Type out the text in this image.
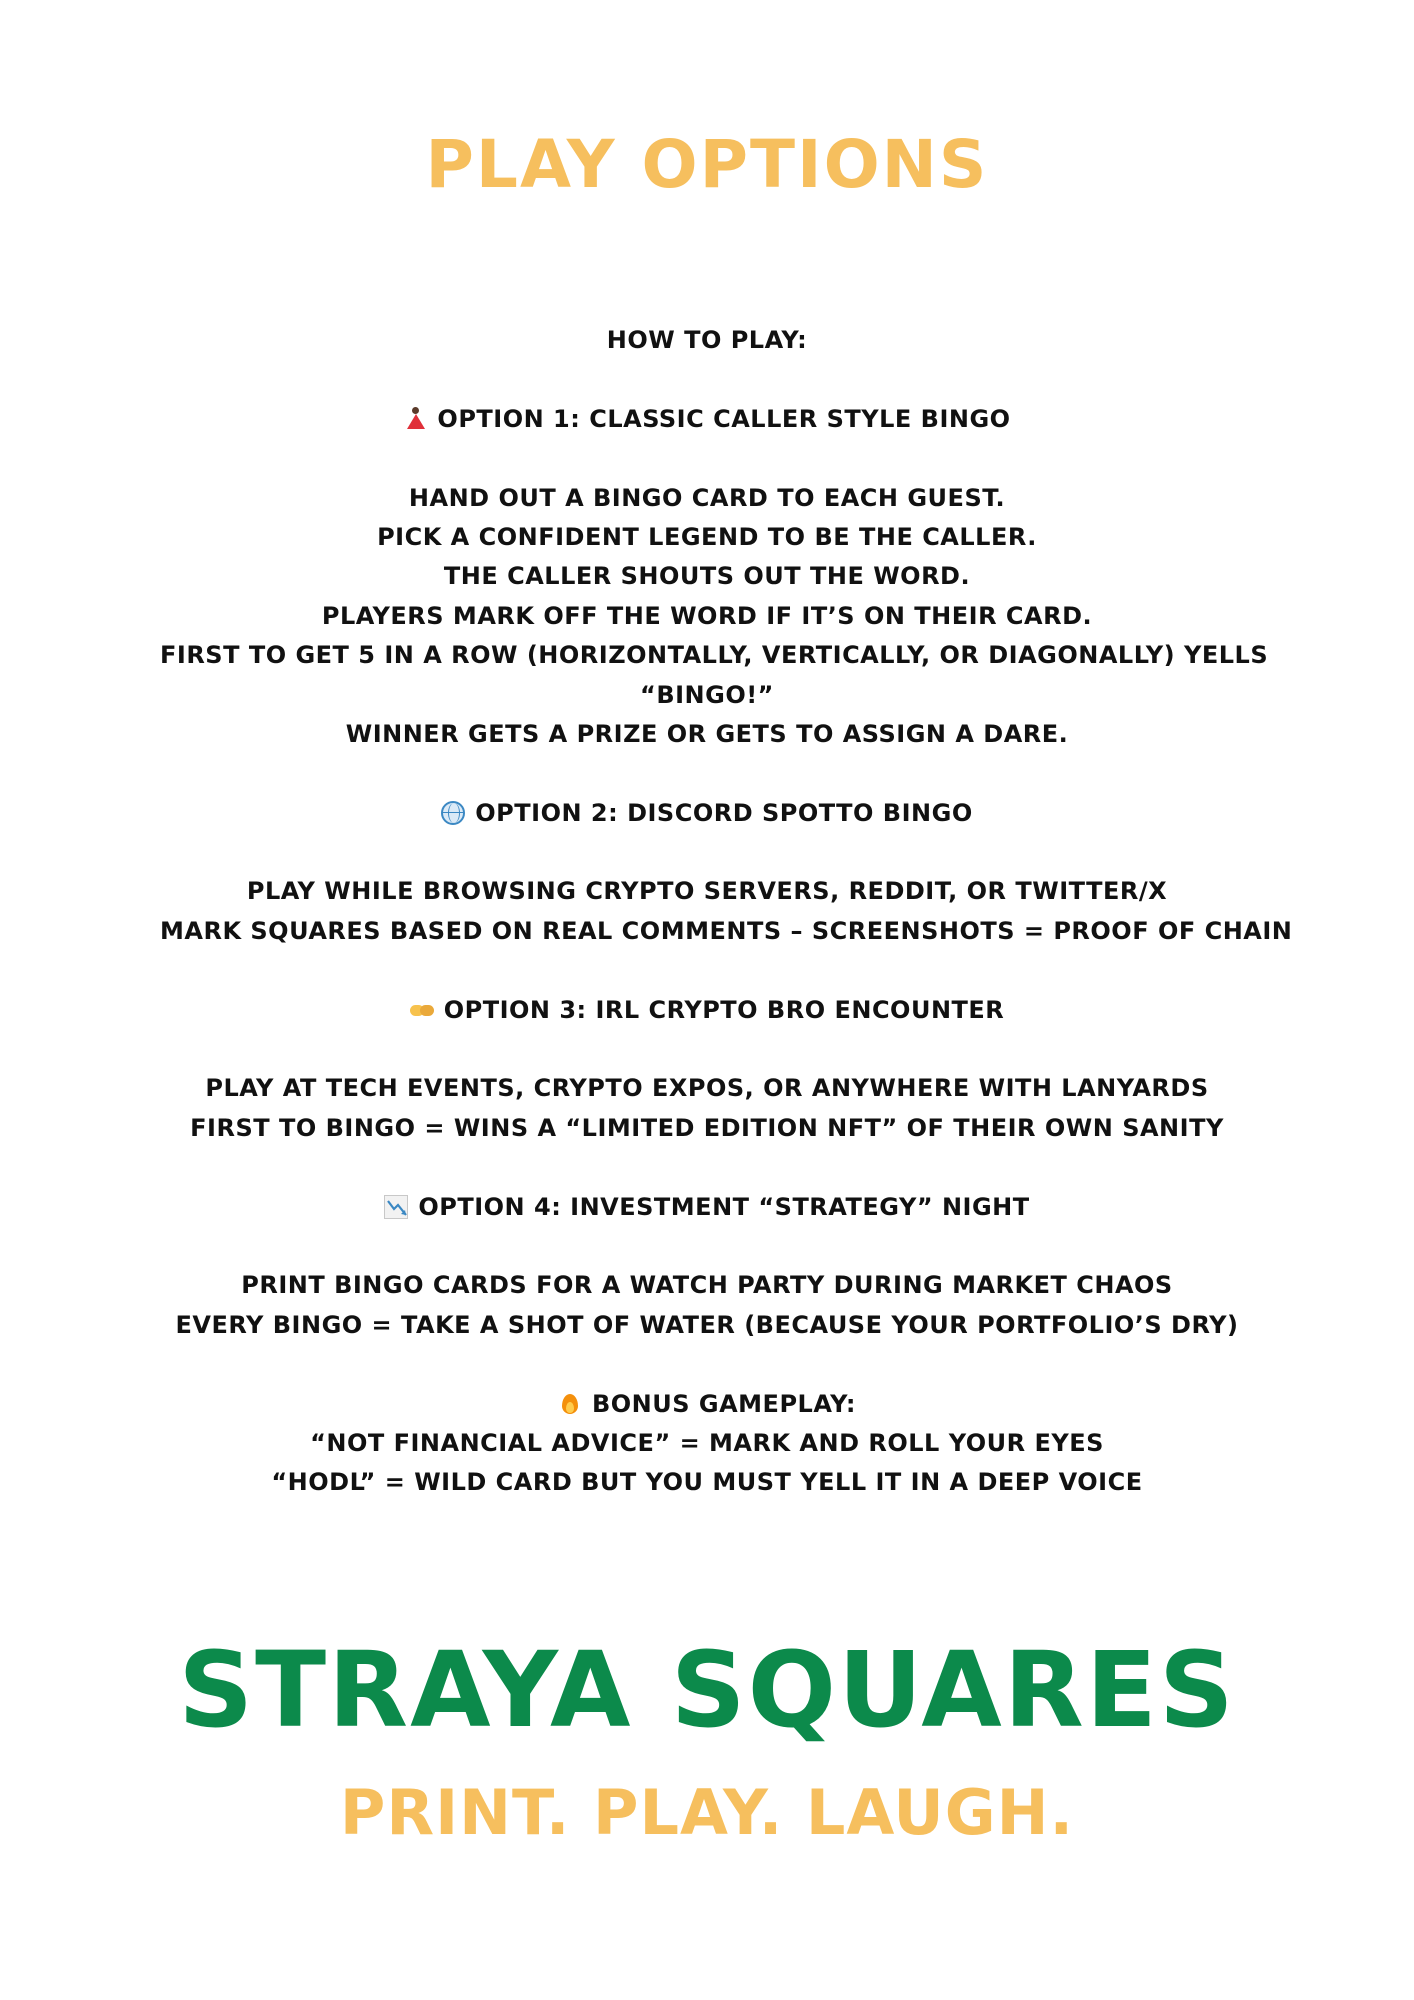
PLAY OPTIONS
HOW TO PLAY:
OPTION 1: CLASSIC CALLER STYLE BINGO
HAND OUT A BINGO CARD TO EACH GUEST.
PICK A CONFIDENT LEGEND TO BE THE CALLER.
THE CALLER SHOUTS OUT THE WORD.
PLAYERS MARK OFF THE WORD IF IT’S ON THEIR CARD.
FIRST TO GET 5 IN A ROW (HORIZONTALLY, VERTICALLY, OR DIAGONALLY) YELLS
“BINGO!”
WINNER GETS A PRIZE OR GETS TO ASSIGN A DARE.
OPTION 2: DISCORD SPOTTO BINGO
PLAY WHILE BROWSING CRYPTO SERVERS, REDDIT, OR TWITTER/X
MARK SQUARES BASED ON REAL COMMENTS – SCREENSHOTS = PROOF OF CHAIN
OPTION 3: IRL CRYPTO BRO ENCOUNTER
PLAY AT TECH EVENTS, CRYPTO EXPOS, OR ANYWHERE WITH LANYARDS
FIRST TO BINGO = WINS A “LIMITED EDITION NFT” OF THEIR OWN SANITY
OPTION 4: INVESTMENT “STRATEGY” NIGHT
PRINT BINGO CARDS FOR A WATCH PARTY DURING MARKET CHAOS
EVERY BINGO = TAKE A SHOT OF WATER (BECAUSE YOUR PORTFOLIO’S DRY)
BONUS GAMEPLAY:
“NOT FINANCIAL ADVICE” = MARK AND ROLL YOUR EYES
“HODL” = WILD CARD BUT YOU MUST YELL IT IN A DEEP VOICE
STRAYA SQUARES
PRINT. PLAY. LAUGH.
